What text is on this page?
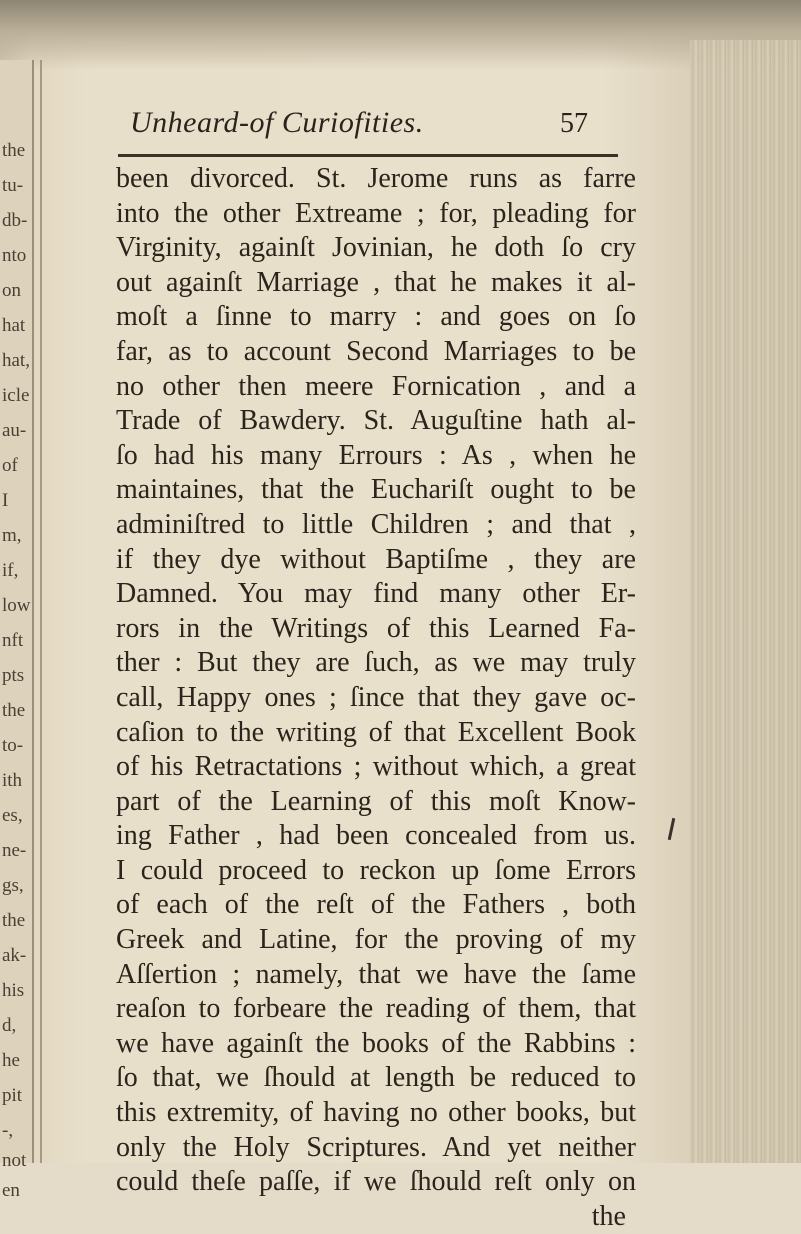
the
tu-
db-
nto
on
hat
hat,
icle
au-
of
I
m,
if,
low
nft
pts
the
to-
ith
es,
ne-
gs,
the
ak-
his
d,
he
pit
-,
not
en
Unheard-of Curiofities.	57
been divorced. St. Jerome runs as farre
into the other Extreame ; for, pleading for
Virginity, againſt Jovinian, he doth ſo cry
out againſt Marriage , that he makes it al-
moſt a ſinne to marry : and goes on ſo
far, as to account Second Marriages to be
no other then meere Fornication , and a
Trade of Bawdery. St. Auguſtine hath al-
ſo had his many Errours : As , when he
maintaines, that the Euchariſt ought to be
adminiſtred to little Children ; and that ,
if they dye without Baptiſme , they are
Damned. You may find many other Er-
rors in the Writings of this Learned Fa-
ther : But they are ſuch, as we may truly
call, Happy ones ; ſince that they gave oc-
caſion to the writing of that Excellent Book
of his Retractations ; without which, a great
part of the Learning of this moſt Know-
ing Father , had been concealed from us.
I could proceed to reckon up ſome Errors
of each of the reſt of the Fathers , both
Greek and Latine, for the proving of my
Aſſertion ; namely, that we have the ſame
reaſon to forbeare the reading of them, that
we have againſt the books of the Rabbins :
ſo that, we ſhould at length be reduced to
this extremity, of having no other books, but
only the Holy Scriptures. And yet neither
could theſe paſſe, if we ſhould reſt only on
the
